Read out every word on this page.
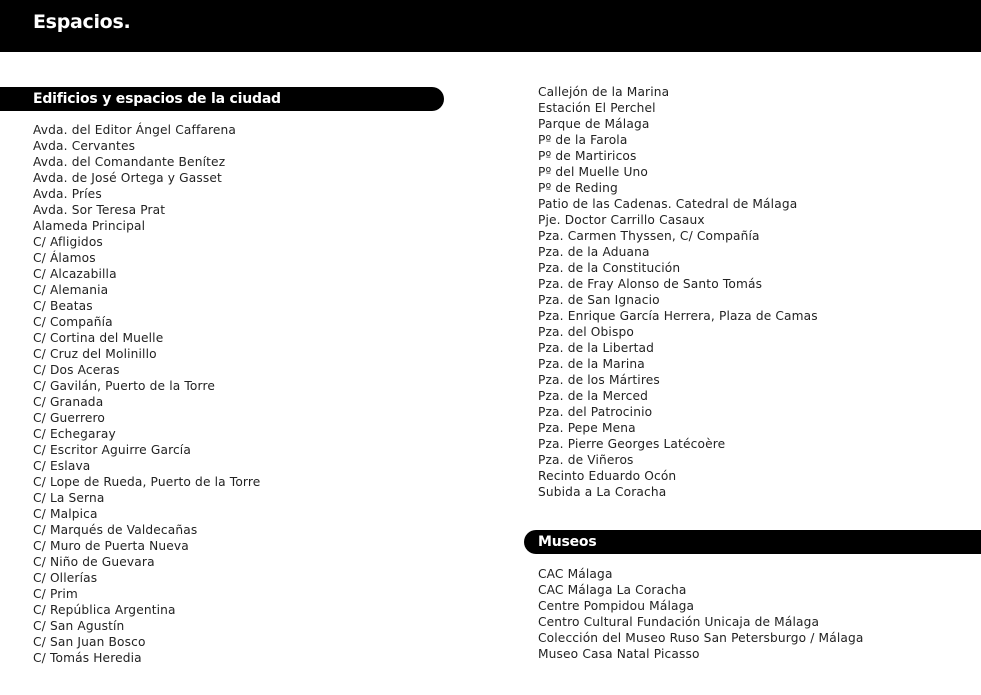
Espacios.
Edificios y espacios de la ciudad
Avda. del Editor Ángel Caffarena
Avda. Cervantes
Avda. del Comandante Benítez
Avda. de José Ortega y Gasset
Avda. Príes
Avda. Sor Teresa Prat
Alameda Principal
C/ Afligidos
C/ Álamos
C/ Alcazabilla
C/ Alemania
C/ Beatas
C/ Compañía
C/ Cortina del Muelle
C/ Cruz del Molinillo
C/ Dos Aceras
C/ Gavilán, Puerto de la Torre
C/ Granada
C/ Guerrero
C/ Echegaray
C/ Escritor Aguirre García
C/ Eslava
C/ Lope de Rueda, Puerto de la Torre
C/ La Serna
C/ Malpica
C/ Marqués de Valdecañas
C/ Muro de Puerta Nueva
C/ Niño de Guevara
C/ Ollerías
C/ Prim
C/ República Argentina
C/ San Agustín
C/ San Juan Bosco
C/ Tomás Heredia
Callejón de la Marina
Estación El Perchel
Parque de Málaga
Pº de la Farola
Pº de Martiricos
Pº del Muelle Uno
Pº de Reding
Patio de las Cadenas. Catedral de Málaga
Pje. Doctor Carrillo Casaux
Pza. Carmen Thyssen, C/ Compañía
Pza. de la Aduana
Pza. de la Constitución
Pza. de Fray Alonso de Santo Tomás
Pza. de San Ignacio
Pza. Enrique García Herrera, Plaza de Camas
Pza. del Obispo
Pza. de la Libertad
Pza. de la Marina
Pza. de los Mártires
Pza. de la Merced
Pza. del Patrocinio
Pza. Pepe Mena
Pza. Pierre Georges Latécoère
Pza. de Viñeros
Recinto Eduardo Ocón
Subida a La Coracha
Museos
CAC Málaga
CAC Málaga La Coracha
Centre Pompidou Málaga
Centro Cultural Fundación Unicaja de Málaga
Colección del Museo Ruso San Petersburgo / Málaga
Museo Casa Natal Picasso
